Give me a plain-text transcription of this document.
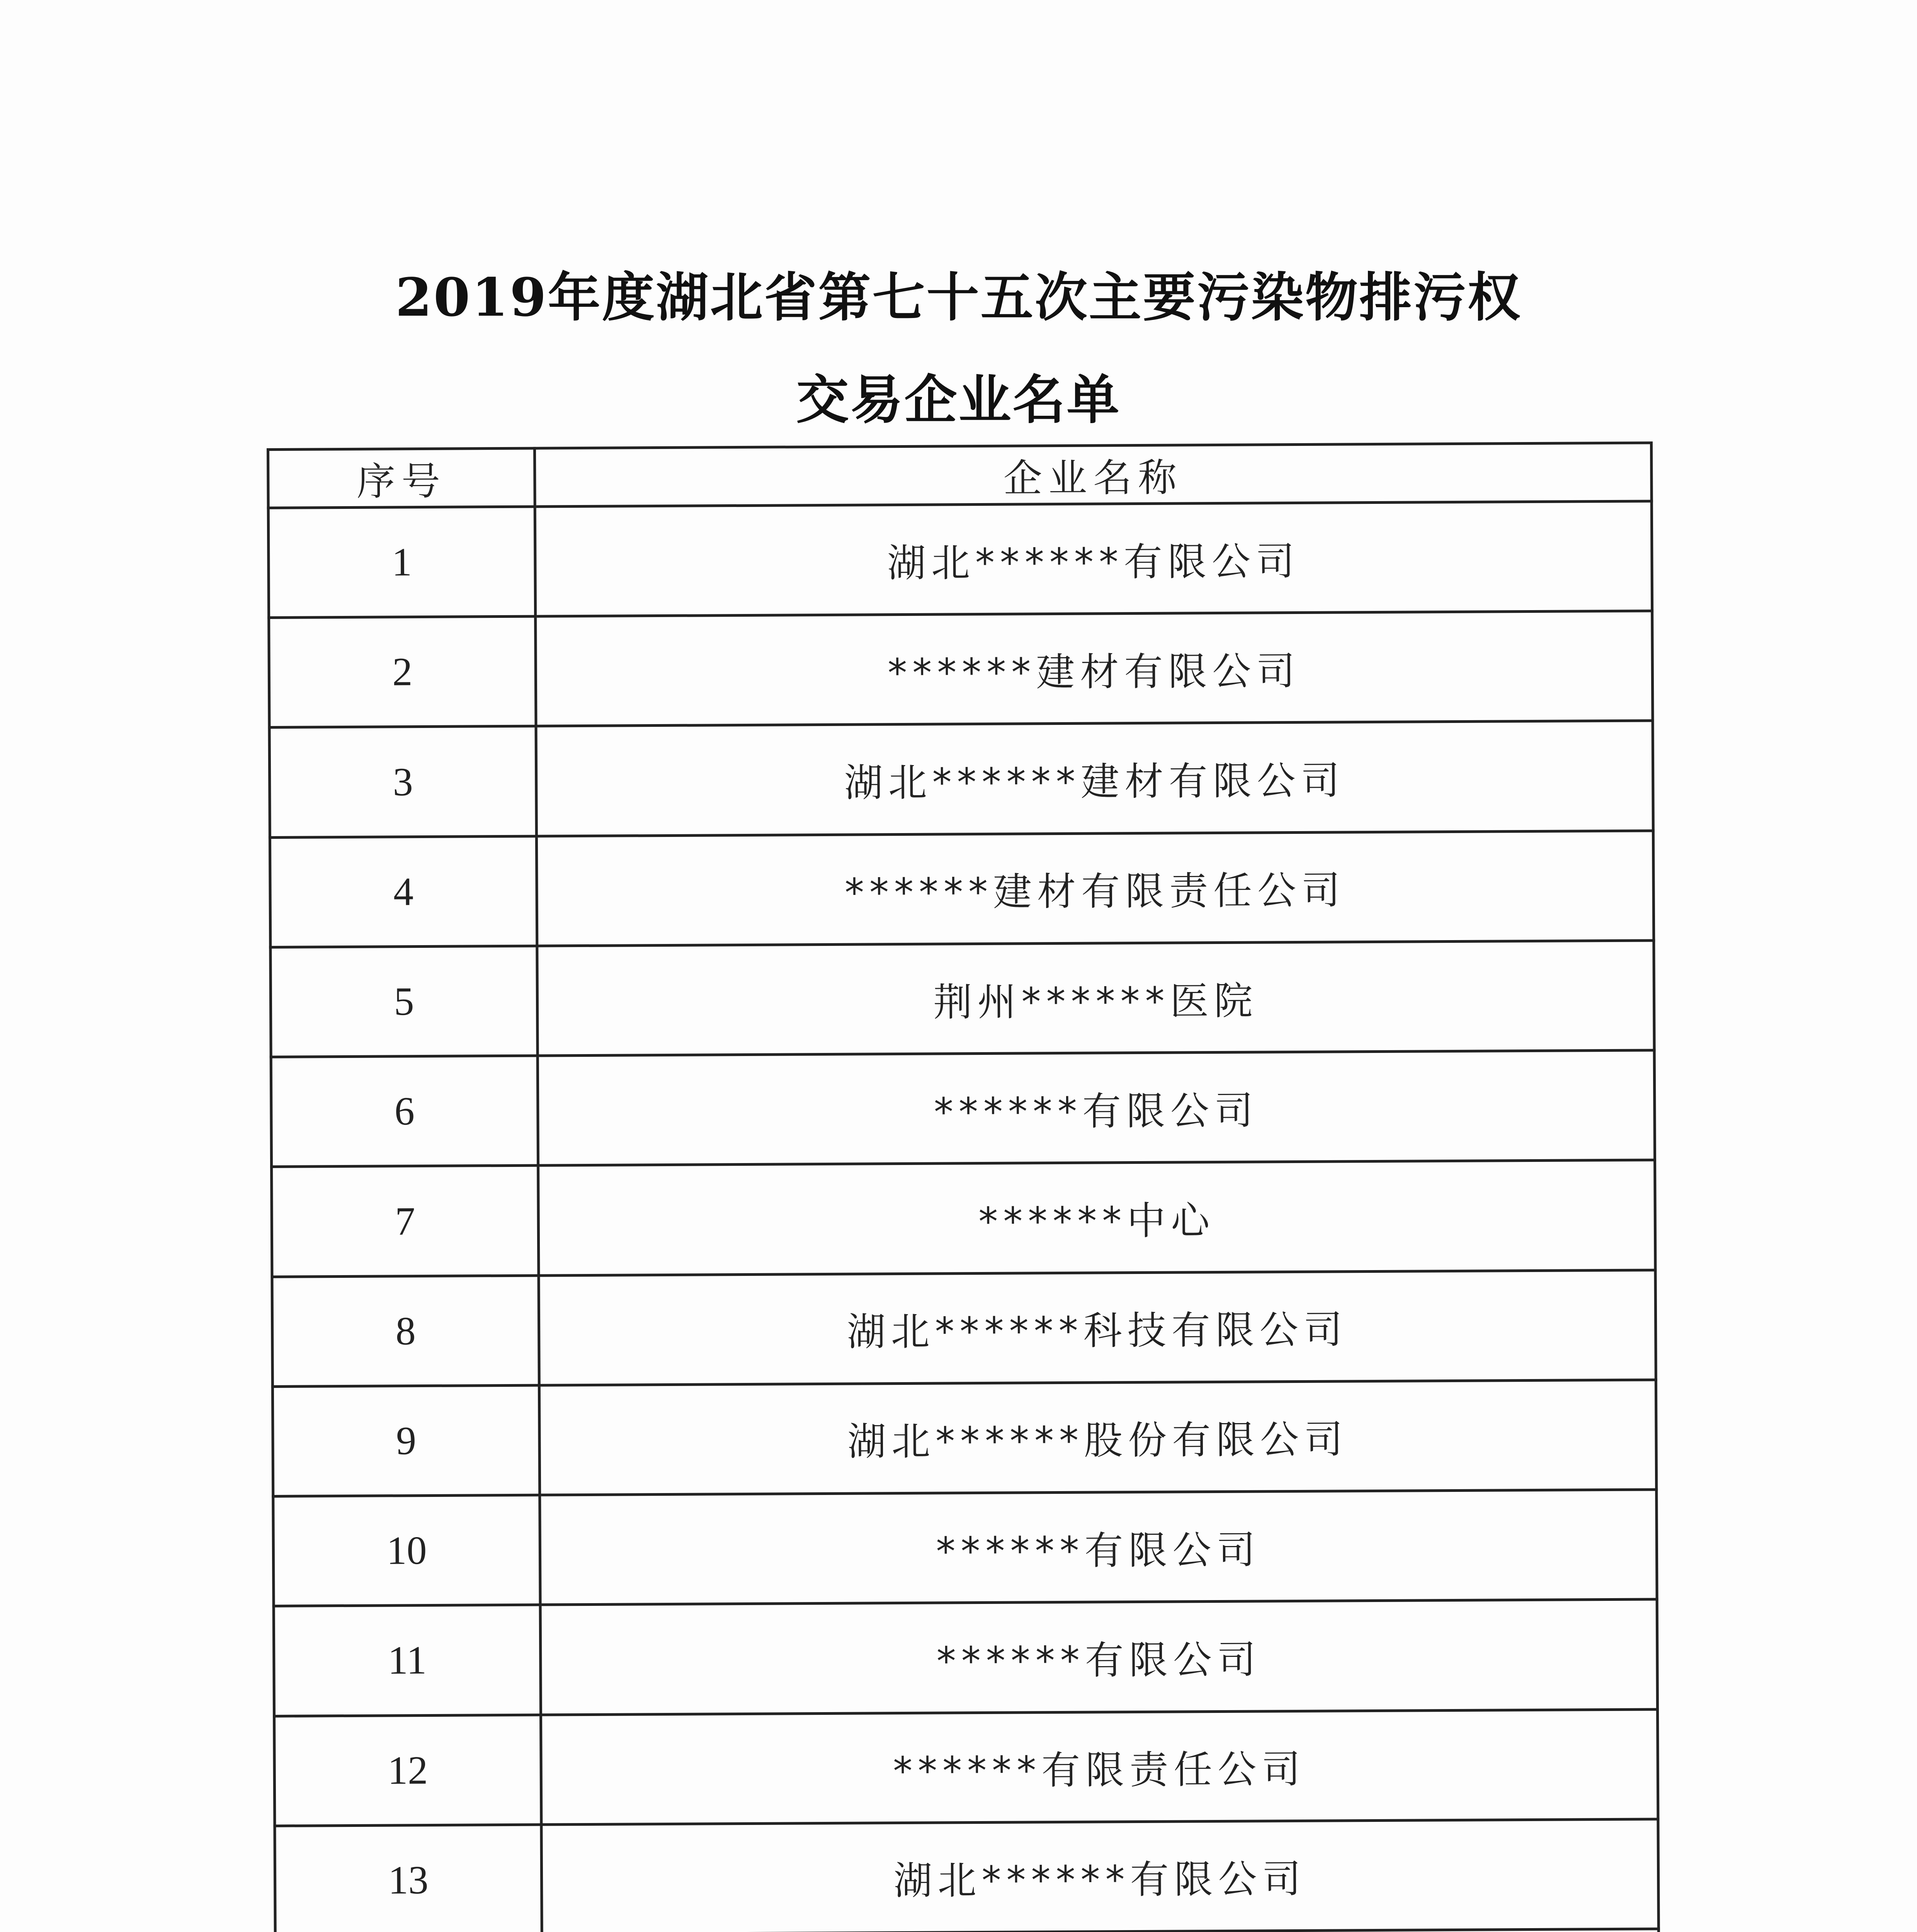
2019年度湖北省第七十五次主要污染物排污权
交易企业名单
序号	企业名称
1	湖北******有限公司
2	******建材有限公司
3	湖北******建材有限公司
4	******建材有限责任公司
5	荆州******医院
6	******有限公司
7	******中心
8	湖北******科技有限公司
9	湖北******股份有限公司
10	******有限公司
11	******有限公司
12	******有限责任公司
13	湖北******有限公司
